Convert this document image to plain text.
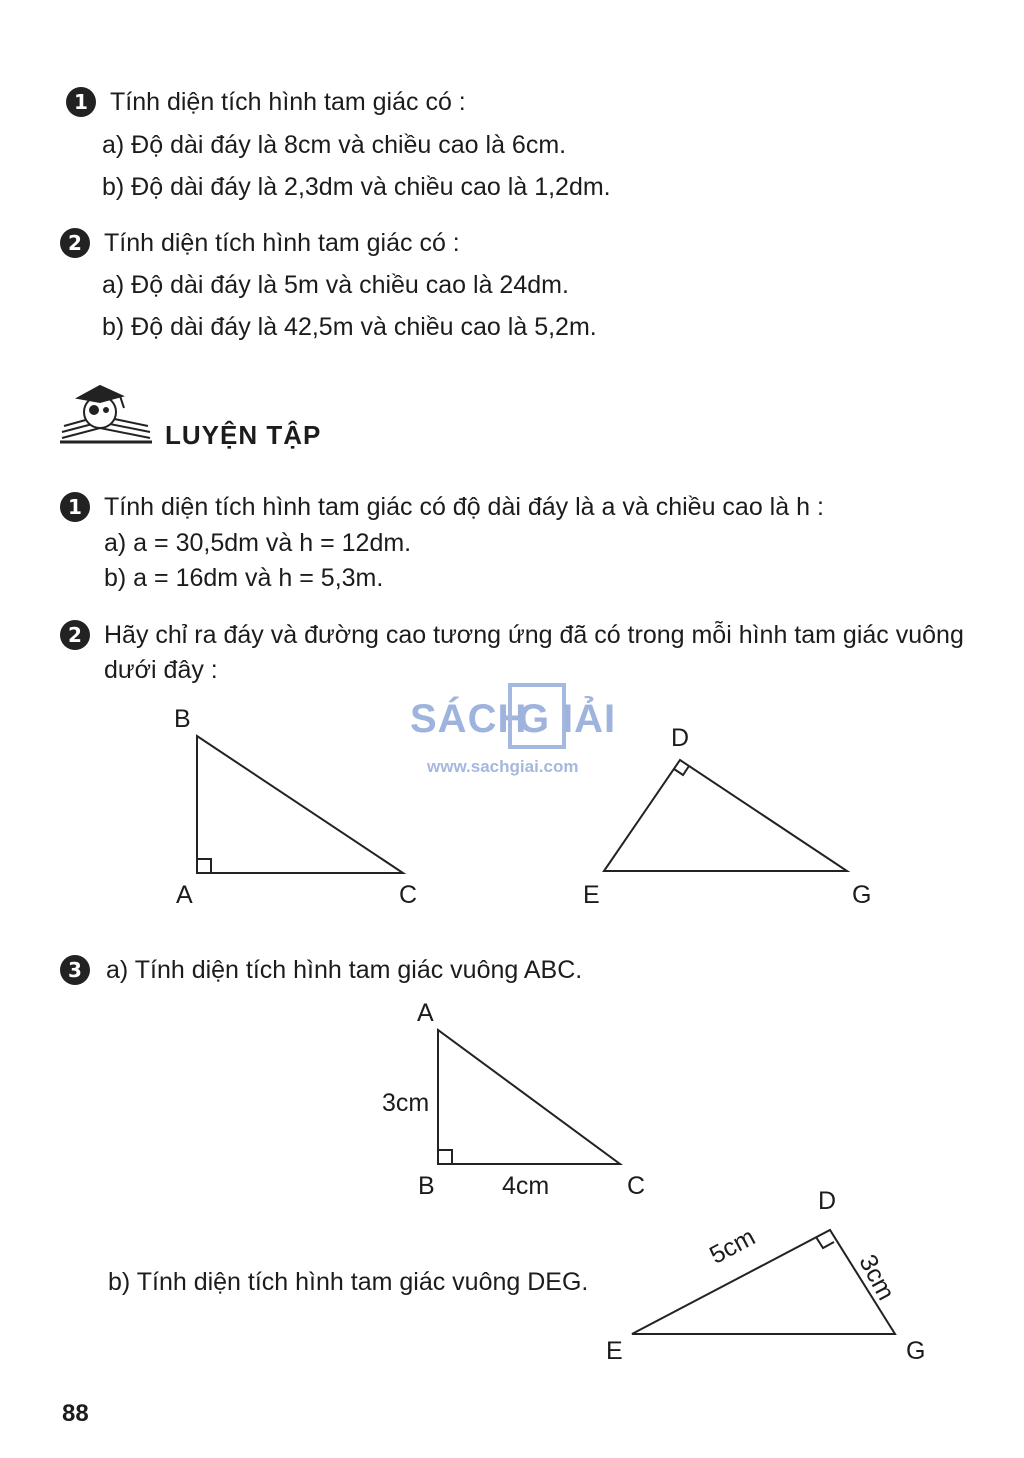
1 Tính diện tích hình tam giác có :
a) Độ dài đáy là 8cm và chiều cao là 6cm.
b) Độ dài đáy là 2,3dm và chiều cao là 1,2dm.
2 Tính diện tích hình tam giác có :
a) Độ dài đáy là 5m và chiều cao là 24dm.
b) Độ dài đáy là 42,5m và chiều cao là 5,2m.
LUYỆN TẬP
1 Tính diện tích hình tam giác có độ dài đáy là a và chiều cao là h :
a) a = 30,5dm và h = 12dm.
b) a = 16dm và h = 5,3m.
2 Hãy chỉ ra đáy và đường cao tương ứng đã có trong mỗi hình tam giác vuông
dưới đây :
SÁCH
G IẢI
www.sachgiai.com
B
A	C
D
E	G
3 a) Tính diện tích hình tam giác vuông ABC.
A
3cm
B	4cm	C
b) Tính diện tích hình tam giác vuông DEG.
D
5cm
3cm
E	G
88
